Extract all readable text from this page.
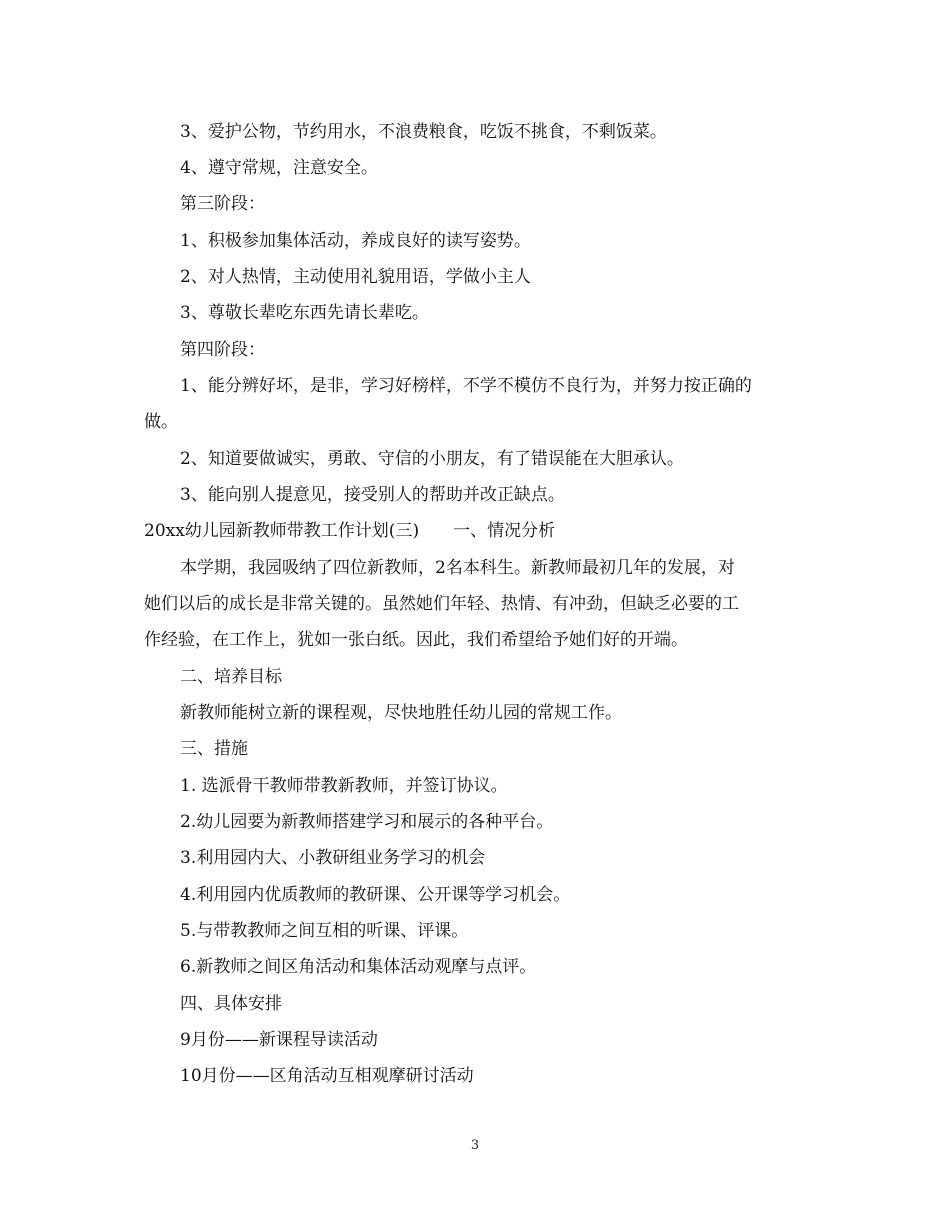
3、爱护公物，节约用水，不浪费粮食，吃饭不挑食，不剩饭菜。
4、遵守常规，注意安全。
第三阶段：
1、积极参加集体活动，养成良好的读写姿势。
2、对人热情，主动使用礼貌用语，学做小主人
3、尊敬长辈吃东西先请长辈吃。
第四阶段：
1、能分辨好坏，是非，学习好榜样，不学不模仿不良行为，并努力按正确的
做。
2、知道要做诚实，勇敢、守信的小朋友，有了错误能在大胆承认。
3、能向别人提意见，接受别人的帮助并改正缺点。
20xx幼儿园新教师带教工作计划(三)　　一、情况分析
本学期，我园吸纳了四位新教师，2名本科生。新教师最初几年的发展，对
她们以后的成长是非常关键的。虽然她们年轻、热情、有冲劲，但缺乏必要的工
作经验，在工作上，犹如一张白纸。因此，我们希望给予她们好的开端。
二、培养目标
新教师能树立新的课程观，尽快地胜任幼儿园的常规工作。
三、措施
1. 选派骨干教师带教新教师，并签订协议。
2.幼儿园要为新教师搭建学习和展示的各种平台。
3.利用园内大、小教研组业务学习的机会
4.利用园内优质教师的教研课、公开课等学习机会。
5.与带教教师之间互相的听课、评课。
6.新教师之间区角活动和集体活动观摩与点评。
四、具体安排
9月份——新课程导读活动
10月份——区角活动互相观摩研讨活动
3
